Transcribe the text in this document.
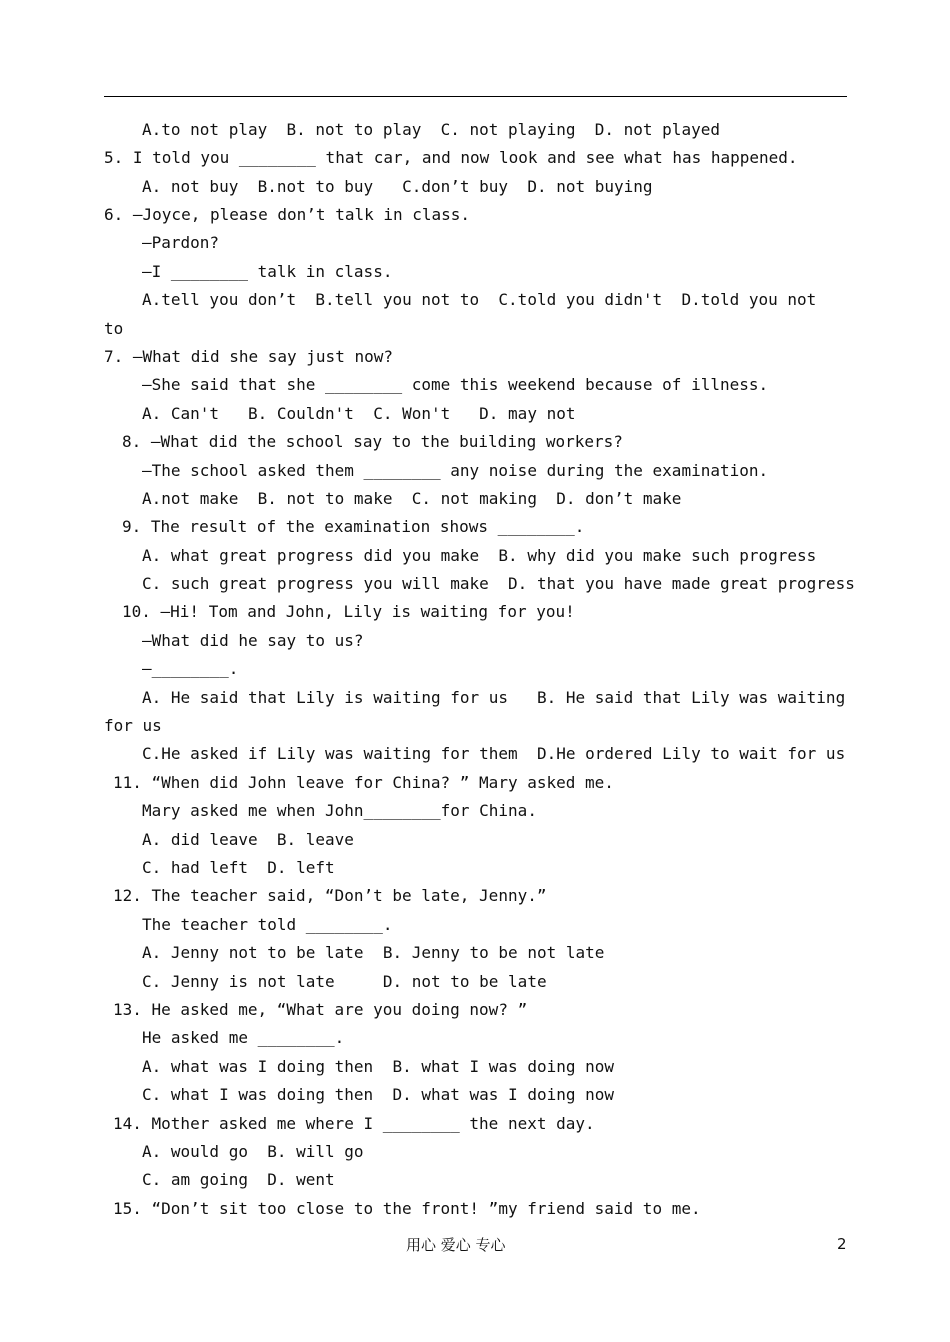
A.to not play  B. not to play  C. not playing  D. not played
5. I told you ________ that car, and now look and see what has happened.
A. not buy  B.not to buy   C.don’t buy  D. not buying
6. —Joyce, please don’t talk in class.
—Pardon?
—I ________ talk in class.
A.tell you don’t  B.tell you not to  C.told you didn't  D.told you not
to
7. —What did she say just now?
—She said that she ________ come this weekend because of illness.
A. Can't   B. Couldn't  C. Won't   D. may not
8. —What did the school say to the building workers?
—The school asked them ________ any noise during the examination.
A.not make  B. not to make  C. not making  D. don’t make
9. The result of the examination shows ________.
A. what great progress did you make  B. why did you make such progress
C. such great progress you will make  D. that you have made great progress
10. —Hi! Tom and John, Lily is waiting for you!
—What did he say to us?
—________.
A. He said that Lily is waiting for us   B. He said that Lily was waiting
for us
C.He asked if Lily was waiting for them  D.He ordered Lily to wait for us
11. “When did John leave for China? ” Mary asked me.
Mary asked me when John________for China.
A. did leave  B. leave
C. had left  D. left
12. The teacher said, “Don’t be late, Jenny.”
The teacher told ________.
A. Jenny not to be late  B. Jenny to be not late
C. Jenny is not late     D. not to be late
13. He asked me, “What are you doing now? ”
He asked me ________.
A. what was I doing then  B. what I was doing now
C. what I was doing then  D. what was I doing now
14. Mother asked me where I ________ the next day.
A. would go  B. will go
C. am going  D. went
15. “Don’t sit too close to the front! ”my friend said to me.
用心 爱心 专心	2
